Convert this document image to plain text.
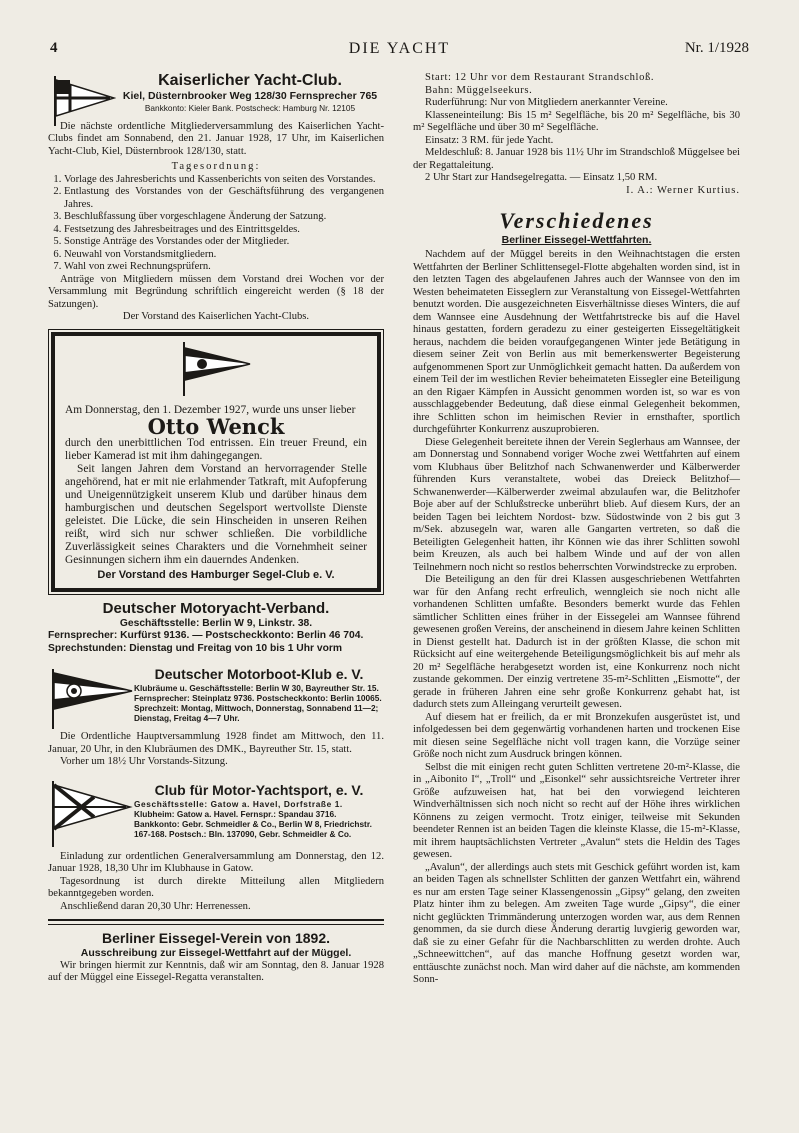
4	DIE YACHT	Nr. 1/1928
Kaiserlicher Yacht-Club.
Kiel, Düsternbrooker Weg 128/30 Fernsprecher 765
Bankkonto: Kieler Bank. Postscheck: Hamburg Nr. 12105

Die nächste ordentliche Mitgliederversammlung des Kaiserlichen Yacht-Clubs findet am Sonnabend, den 21. Januar 1928, 17 Uhr, im Kaiserlichen Yacht-Club, Kiel, Düsternbrook 128/130, statt.

Tagesordnung:

1. Vorlage des Jahresberichts und Kassenberichts von seiten des Vorstandes.
2. Entlastung des Vorstandes von der Geschäftsführung des vergangenen Jahres.
3. Beschlußfassung über vorgeschlagene Änderung der Satzung.
4. Festsetzung des Jahresbeitrages und des Eintrittsgeldes.
5. Sonstige Anträge des Vorstandes oder der Mitglieder.
6. Neuwahl von Vorstandsmitgliedern.
7. Wahl von zwei Rechnungsprüfern.

Anträge von Mitgliedern müssen dem Vorstand drei Wochen vor der Versammlung mit Begründung schriftlich eingereicht werden (§ 18 der Satzungen).

Der Vorstand des Kaiserlichen Yacht-Clubs.

Am Donnerstag, den 1. Dezember 1927, wurde uns unser lieber

Otto Wenck

durch den unerbittlichen Tod entrissen. Ein treuer Freund, ein lieber Kamerad ist mit ihm dahingegangen.

Seit langen Jahren dem Vorstand an hervorragender Stelle angehörend, hat er mit nie erlahmender Tatkraft, mit Aufopferung und Uneigennützigkeit unserem Klub und darüber hinaus dem hamburgischen und deutschen Segelsport wertvollste Dienste geleistet. Die Lücke, die sein Hinscheiden in unseren Reihen reißt, wird sich nur schwer schließen. Die vorbildliche Zuverlässigkeit seines Charakters und die Vornehmheit seiner Gesinnungen sichern ihm ein dauerndes Andenken.

Der Vorstand des Hamburger Segel-Club e. V.

Deutscher Motoryacht-Verband.
Geschäftsstelle: Berlin W 9, Linkstr. 38.
Fernsprecher: Kurfürst 9136. — Postscheckkonto: Berlin 46 704.
Sprechstunden: Dienstag und Freitag von 10 bis 1 Uhr vorm
Deutscher Motorboot-Klub e. V.
Klubräume u. Geschäftsstelle: Berlin W 30, Bayreuther Str. 15.
Fernsprecher: Steinplatz 9736. Postscheckkonto: Berlin 10065.
Sprechzeit: Montag, Mittwoch, Donnerstag, Sonnabend 11—2; Dienstag, Freitag 4—7 Uhr.

Die Ordentliche Hauptversammlung 1928 findet am Mittwoch, den 11. Januar, 20 Uhr, in den Klubräumen des DMK., Bayreuther Str. 15, statt.

Vorher um 18½ Uhr Vorstands-Sitzung.

Club für Motor-Yachtsport, e. V.
Geschäftsstelle: Gatow a. Havel, Dorfstraße 1.
Klubheim: Gatow a. Havel. Fernspr.: Spandau 3716.
Bankkonto: Gebr. Schmeidler & Co., Berlin W 8, Friedrichstr. 167-168. Postsch.: Bln. 137090, Gebr. Schmeidler & Co.

Einladung zur ordentlichen Generalversammlung am Donnerstag, den 12. Januar 1928, 18,30 Uhr im Klubhause in Gatow.

Tagesordnung ist durch direkte Mitteilung allen Mitgliedern bekanntgegeben worden.

Anschließend daran 20,30 Uhr: Herrenessen.

Berliner Eissegel-Verein von 1892.
Ausschreibung zur Eissegel-Wettfahrt auf der Müggel.

Wir bringen hiermit zur Kenntnis, daß wir am Sonntag, den 8. Januar 1928 auf der Müggel eine Eissegel-Regatta veranstalten.

Start: 12 Uhr vor dem Restaurant Strandschloß.

Bahn: Müggelseekurs.

Ruderführung: Nur von Mitgliedern anerkannter Vereine.

Klasseneinteilung: Bis 15 m² Segelfläche, bis 20 m² Segelfläche, bis 30 m² Segelfläche und über 30 m² Segelfläche.

Einsatz: 3 RM. für jede Yacht.

Meldeschluß: 8. Januar 1928 bis 11½ Uhr im Strandschloß Müggelsee bei der Regattaleitung.

2 Uhr Start zur Handsegelregatta. — Einsatz 1,50 RM.

I. A.: Werner Kurtius.

Verschiedenes
Berliner Eissegel-Wettfahrten.

Nachdem auf der Müggel bereits in den Weihnachtstagen die ersten Wettfahrten der Berliner Schlittensegel-Flotte abgehalten worden sind, ist in den letzten Tagen des abgelaufenen Jahres auch der Wannsee von den im Westen beheimateten Eisseglern zur Veranstaltung von Eissegel-Wettfahrten benutzt worden. Die ausgezeichneten Eisverhältnisse dieses Winters, die auf dem Wannsee eine Ausdehnung der Wettfahrtstrecke bis auf die Havel hinaus gestatten, fordern geradezu zu einer gesteigerten Eissegeltätigkeit heraus, nachdem die beiden voraufgegangenen Winter jede Betätigung in diesem seiner Zeit von Berlin aus mit bemerkenswerter Begeisterung aufgenommenen Sport zur Unmöglichkeit gemacht hatten. Da außerdem von einem Teil der im westlichen Revier beheimateten Eissegler eine Beteiligung an den Rigaer Kämpfen in Aussicht genommen worden ist, so war es von ausschlaggebender Bedeutung, daß diese einmal Gelegenheit bekommen, ihre Schlitten schon im heimischen Revier in ernsthafter, sportlich durchgeführter Konkurrenz auszuprobieren.

Diese Gelegenheit bereitete ihnen der Verein Seglerhaus am Wannsee, der am Donnerstag und Sonnabend voriger Woche zwei Wettfahrten auf einem vom Klubhaus über Belitzhof nach Schwanenwerder und Kälberwerder führenden Kurs veranstaltete, wobei das Dreieck Belitzhof—Schwanenwerder—Kälberwerder zweimal abzulaufen war, die Belitzhofer Boje aber auf der Schlußstrecke unberührt blieb. Auf diesem Kurs, der an beiden Tagen bei leichtem Nordost- bzw. Südostwinde von 2 bis gut 3 m/Sek. abzusegeln war, waren alle Gangarten vertreten, so daß die Beteiligten Gelegenheit hatten, ihr Können wie das ihrer Schlitten sowohl beim Kreuzen, als auch bei halbem Winde und auf der von allen Teilnehmern noch nicht so restlos beherrschten Vorwindstrecke zu erproben.

Die Beteiligung an den für drei Klassen ausgeschriebenen Wettfahrten war für den Anfang recht erfreulich, wenngleich sie noch nicht alle vorhandenen Schlitten umfaßte. Besonders bemerkt wurde das Fehlen sämtlicher Schlitten eines früher in der Eissegelei am Wannsee führend gewesenen großen Vereins, der anscheinend in diesem Jahre keinen Schlitten in Dienst gestellt hat. Dadurch ist in der größten Klasse, die schon mit Rücksicht auf eine weitergehende Beteiligungsmöglichkeit bis auf mehr als 20 m² Segelfläche herabgesetzt worden ist, eine Konkurrenz noch nicht zustande gekommen. Der einzig vertretene 35-m²-Schlitten „Eismotte“, der gerade in früheren Jahren eine sehr große Konkurrenz gehabt hat, ist dadurch stets zum Alleingang verurteilt gewesen.

Auf diesem hat er freilich, da er mit Bronzekufen ausgerüstet ist, und infolgedessen bei dem gegenwärtig vorhandenen harten und trockenen Eise mit diesen seine Segelfläche nicht voll tragen kann, die Vorzüge seiner Größe noch nicht zum Ausdruck bringen können.

Selbst die mit einigen recht guten Schlitten vertretene 20-m²-Klasse, die in „Aibonito I“, „Troll“ und „Eisonkel“ sehr aussichtsreiche Vertreter ihrer Größe aufzuweisen hat, hat bei den vorwiegend leichteren Windverhältnissen sich noch nicht so recht auf der Höhe ihres wirklichen Könnens zu zeigen vermocht. Trotz einiger, teilweise mit Sekunden beendeter Rennen ist an beiden Tagen die kleinste Klasse, die 15-m²-Klasse, mit ihrem hauptsächlichsten Vertreter „Avalun“ stets die Heldin des Tages gewesen.

„Avalun“, der allerdings auch stets mit Geschick geführt worden ist, kam an beiden Tagen als schnellster Schlitten der ganzen Wettfahrt ein, während es nur am ersten Tage seiner Klassengenossin „Gipsy“ gelang, den zweiten Platz hinter ihm zu belegen. Am zweiten Tage wurde „Gipsy“, die einer nicht geglückten Trimmänderung unterzogen worden war, aus dem Rennen genommen, da sie durch diese Änderung derartig luvgierig geworden war, daß sie zu einer Gefahr für die Nachbarschlitten zu werden drohte. Auch „Schneewittchen“, auf das manche Hoffnung gesetzt worden war, enttäuschte zunächst noch. Man wird daher auf die nächste, am kommenden Sonn-
